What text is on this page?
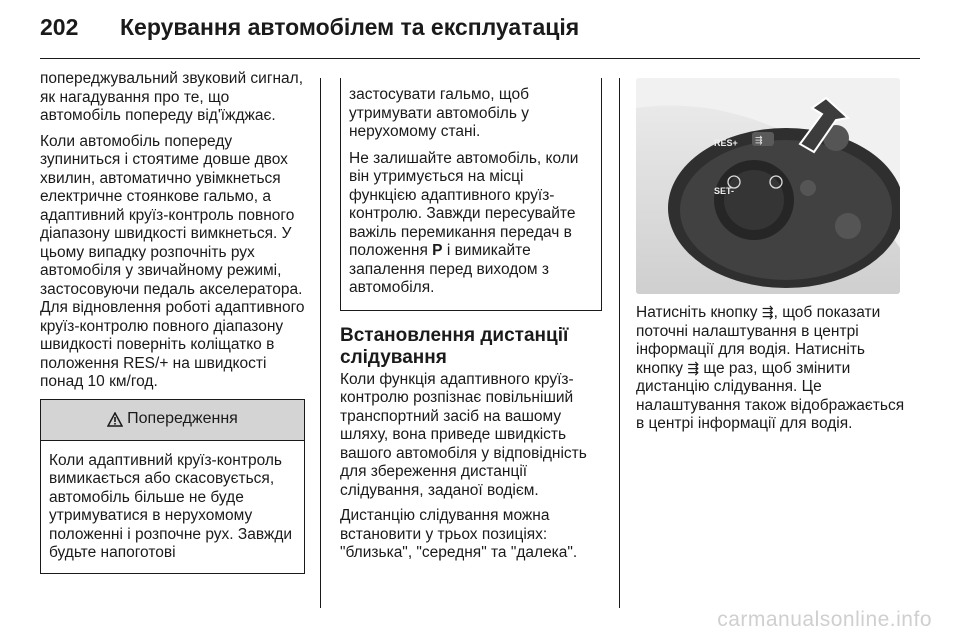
202	Керування автомобілем та експлуатація

попереджувальний звуковий сигнал, як нагадування про те, що автомобіль попереду від'їжджає.

Коли автомобіль попереду зупиниться і стоятиме довше двох хвилин, автоматично увімкнеться електричне стоянкове гальмо, а адаптивний круїз-контроль повного діапазону швидкості вимкнеться. У цьому випадку розпочніть рух автомобіля у звичайному режимі, застосовуючи педаль акселератора. Для відновлення роботі адаптивного круїз-контролю повного діапазону швидкості поверніть коліщатко в положення RES/+ на швидкості понад 10 км/год.

Попередження
Коли адаптивний круїз-контроль вимикається або скасовується, автомобіль більше не буде утримуватися в нерухомому положенні і розпочне рух. Завжди будьте напоготові

застосувати гальмо, щоб утримувати автомобіль у нерухомому стані.

Не залишайте автомобіль, коли він утримується на місці функцією адаптивного круїз-контролю. Завжди пересувайте важіль перемикання передач в положення P і вимикайте запалення перед виходом з автомобіля.

Встановлення дистанції слідування

Коли функція адаптивного круїз-контролю розпізнає повільніший транспортний засіб на вашому шляху, вона приведе швидкість вашого автомобіля у відповідність для збереження дистанції слідування, заданої водієм.

Дистанцію слідування можна встановити у трьох позиціях: "близька", "середня" та "далека".

RES+
SET-
⇶

Натисніть кнопку ⇶, щоб показати поточні налаштування в центрі інформації для водія. Натисніть кнопку ⇶ ще раз, щоб змінити дистанцію слідування. Це налаштування також відображається в центрі інформації для водія.

carmanualsonline.info
